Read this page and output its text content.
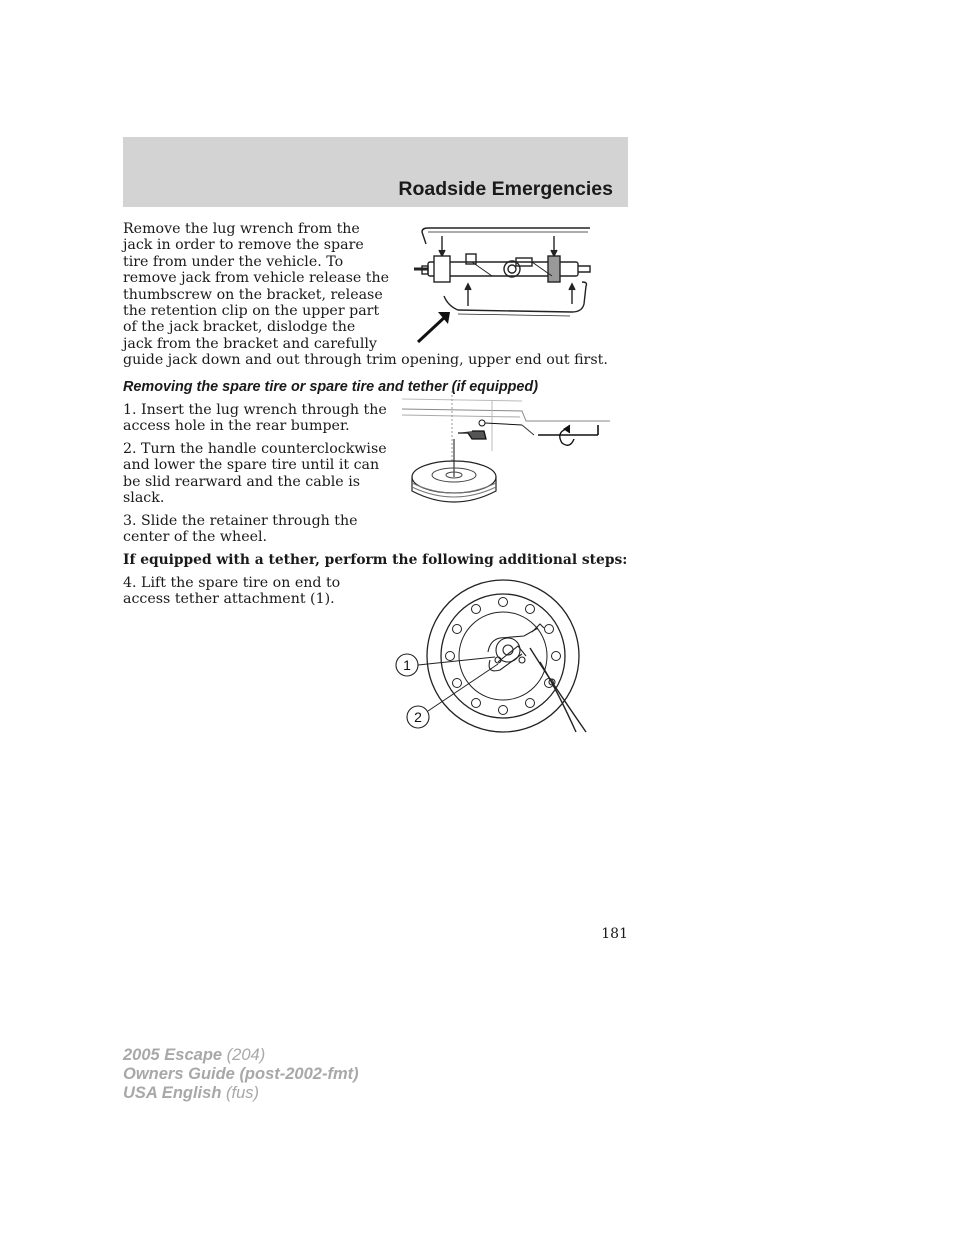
Roadside Emergencies
Remove the lug wrench from the
jack in order to remove the spare
tire from under the vehicle. To
remove jack from vehicle release the
thumbscrew on the bracket, release
the retention clip on the upper part
of the jack bracket, dislodge the
jack from the bracket and carefully
guide jack down and out through trim opening, upper end out first.
Removing the spare tire or spare tire and tether (if equipped)
1. Insert the lug wrench through the
access hole in the rear bumper.
2. Turn the handle counterclockwise
and lower the spare tire until it can
be slid rearward and the cable is
slack.
3. Slide the retainer through the
center of the wheel.
If equipped with a tether, perform the following additional steps:
4. Lift the spare tire on end to
access tether attachment (1).
1
2
181
2005 Escape (204)
Owners Guide (post-2002-fmt)
USA English (fus)
